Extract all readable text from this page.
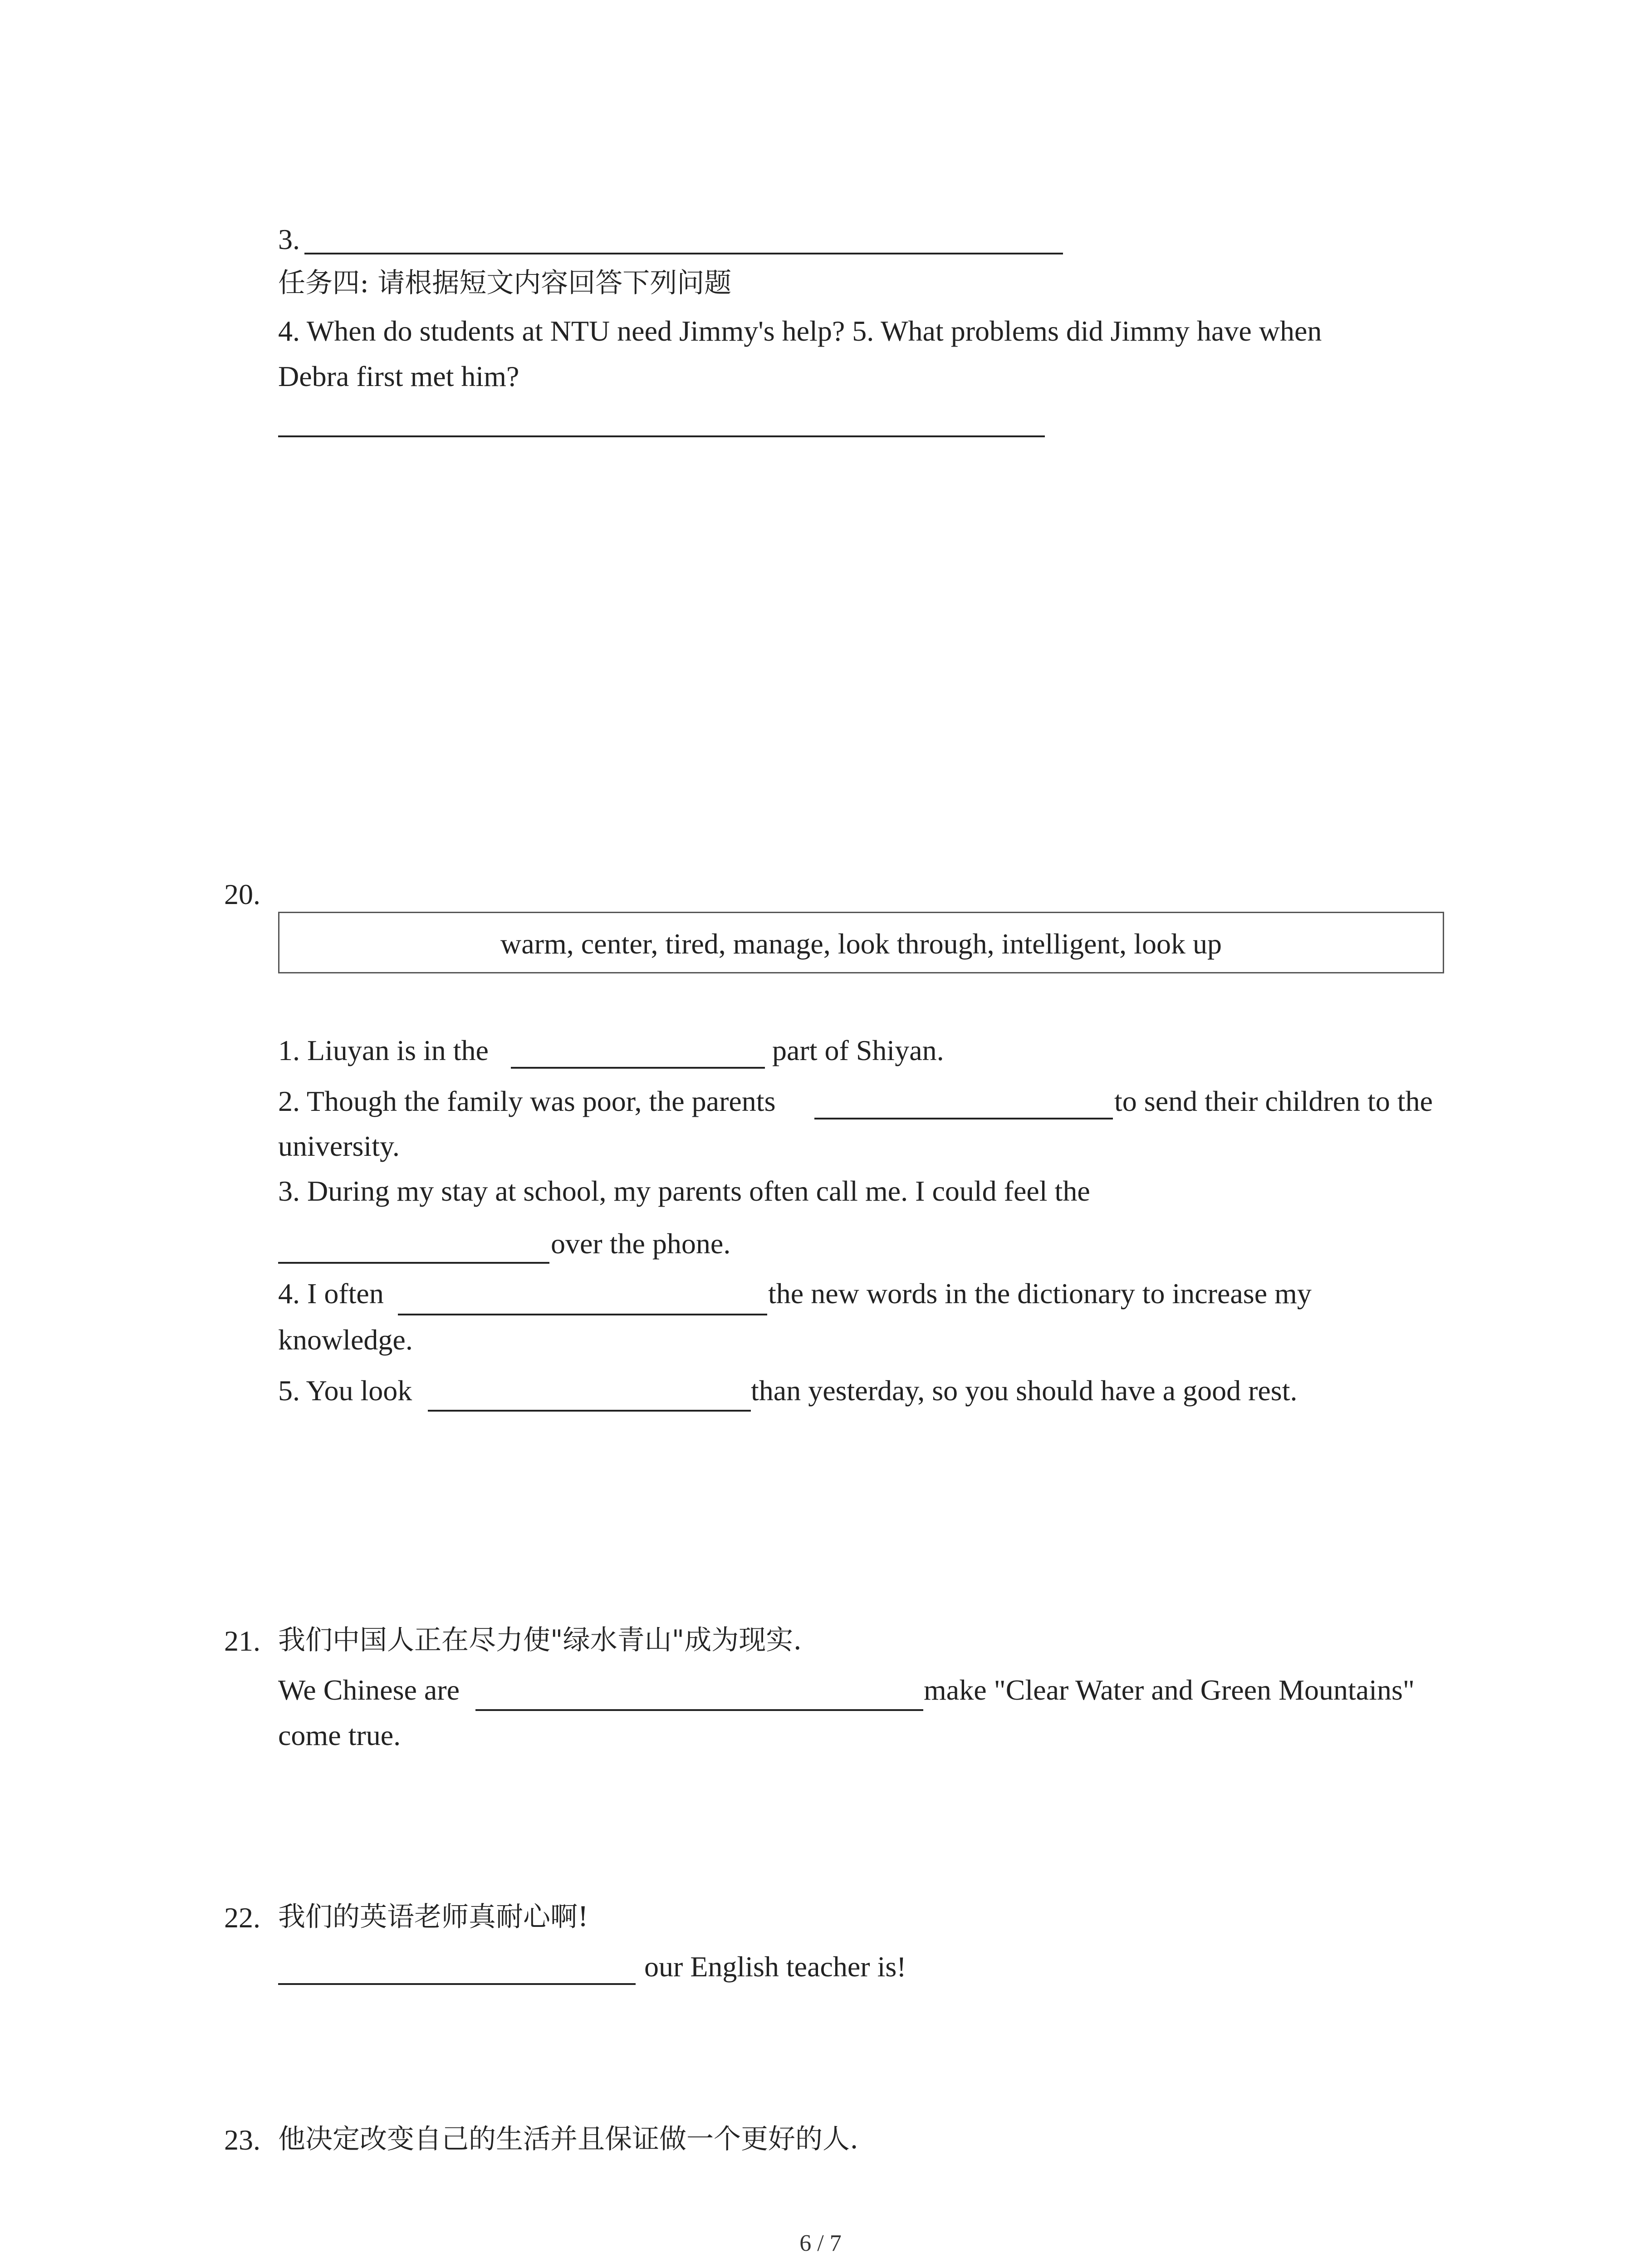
3.
任务四: 请根据短文内容回答下列问题
4. When do students at NTU need Jimmy's help? 5. What problems did Jimmy have when
Debra first met him?
20.
warm, center, tired, manage, look through, intelligent, look up
1. Liuyan is in the	part of Shiyan.
2. Though the family was poor, the parents	to send their children to the
university.
3. During my stay at school, my parents often call me. I could feel the
over the phone.
4. I often	the new words in the dictionary to increase my
knowledge.
5. You look	than yesterday, so you should have a good rest.
21. 我们中国人正在尽力使"绿水青山"成为现实.
We Chinese are	make "Clear Water and Green Mountains"
come true.
22. 我们的英语老师真耐心啊!
our English teacher is!
23. 他决定改变自己的生活并且保证做一个更好的人.
6 / 7
